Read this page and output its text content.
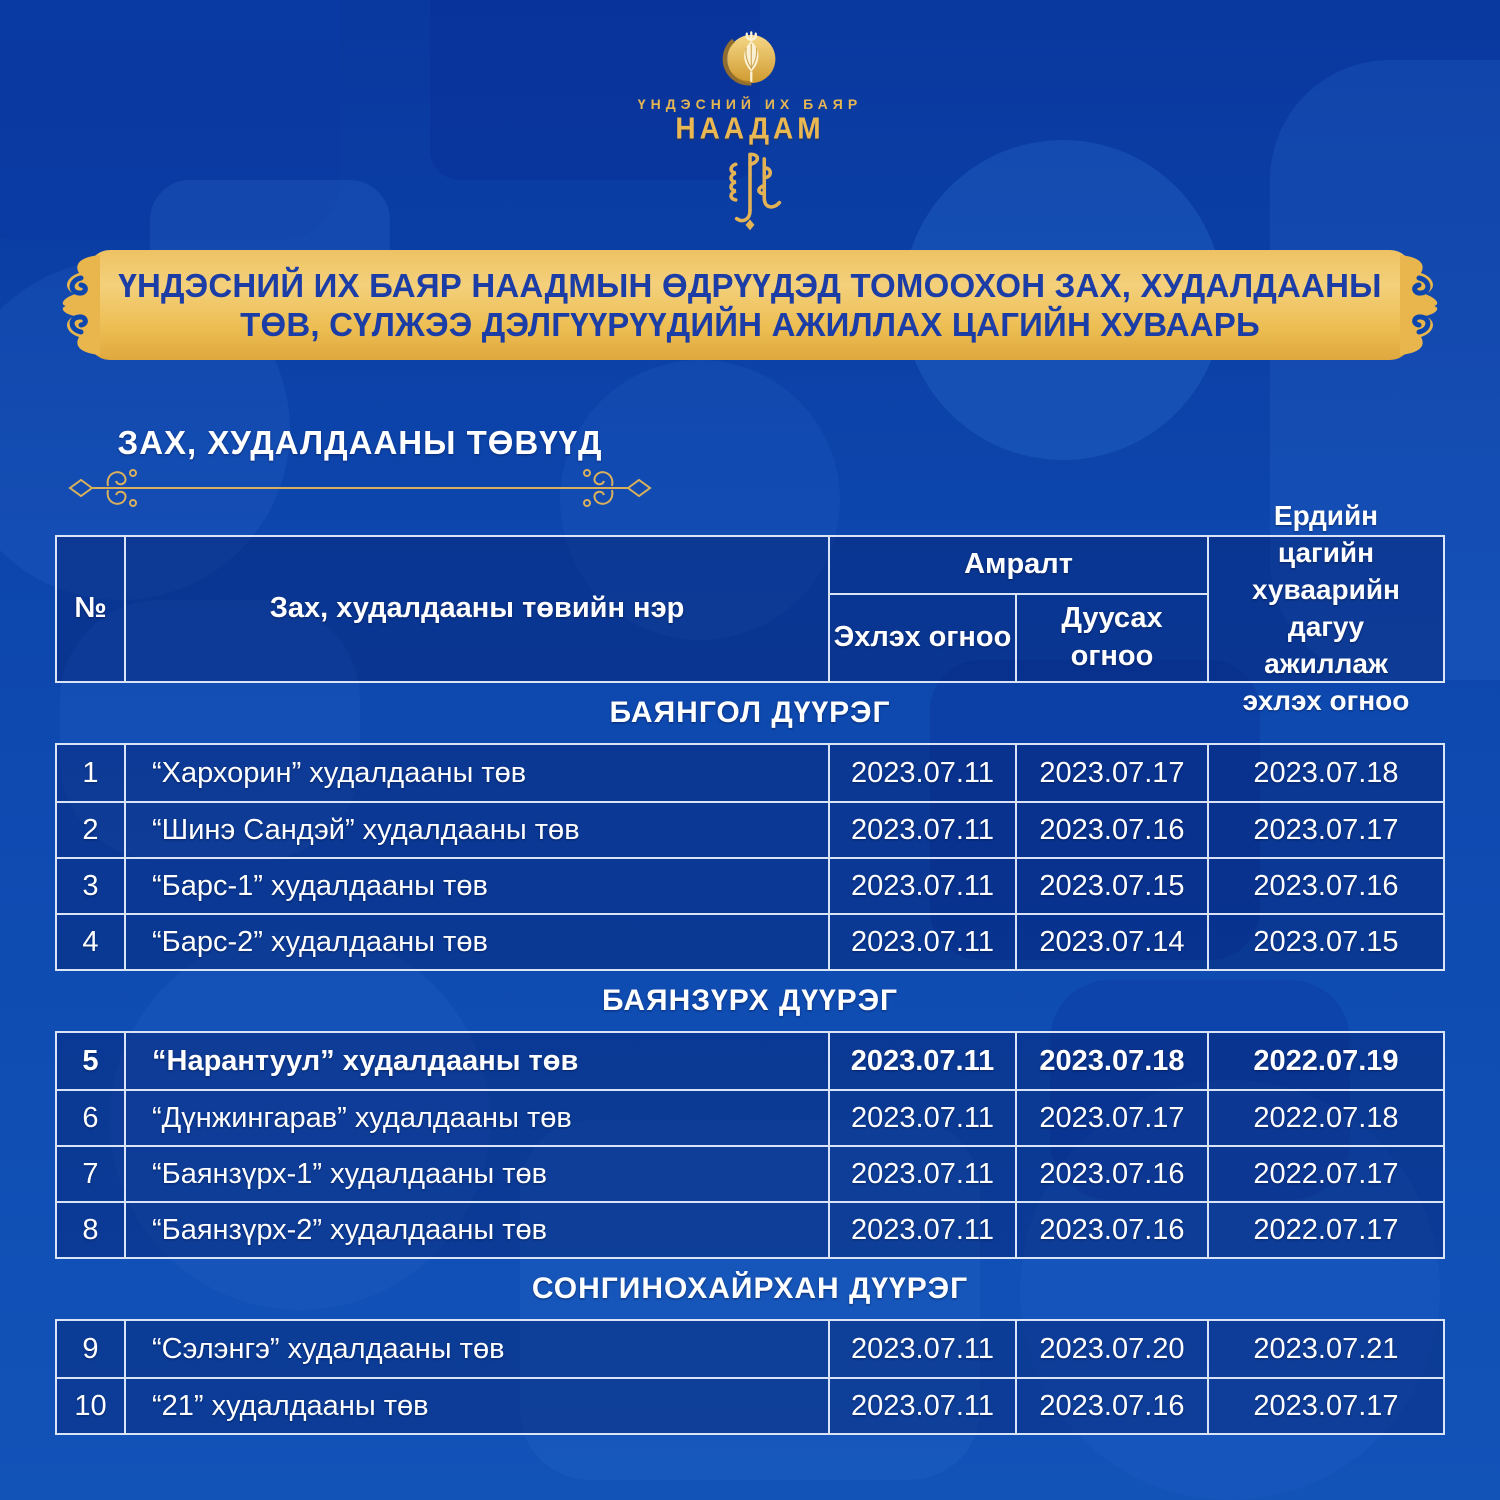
ҮНДЭСНИЙ ИХ БАЯР
НААДАМ
ҮНДЭСНИЙ ИХ БАЯР НААДМЫН ӨДРҮҮДЭД ТОМООХОН ЗАХ, ХУДАЛДААНЫ
ТӨВ, СҮЛЖЭЭ ДЭЛГҮҮРҮҮДИЙН АЖИЛЛАХ ЦАГИЙН ХУВААРЬ
ЗАХ, ХУДАЛДААНЫ ТӨВҮҮД
№	Зах, худалдааны төвийн нэр
Амралт
Ердийн цагийн хуваарийн дагуу ажиллаж эхлэх огноо
Эхлэх огноо
Дуусах огноо
БАЯНГОЛ ДҮҮРЭГ
1	“Хархорин” худалдааны төв	2023.07.11	2023.07.17	2023.07.18
2	“Шинэ Сандэй” худалдааны төв	2023.07.11	2023.07.16	2023.07.17
3	“Барс-1” худалдааны төв	2023.07.11	2023.07.15	2023.07.16
4	“Барс-2” худалдааны төв	2023.07.11	2023.07.14	2023.07.15
БАЯНЗҮРХ ДҮҮРЭГ
5	“Нарантуул” худалдааны төв	2023.07.11	2023.07.18	2022.07.19
6	“Дүнжингарав” худалдааны төв	2023.07.11	2023.07.17	2022.07.18
7	“Баянзүрх-1” худалдааны төв	2023.07.11	2023.07.16	2022.07.17
8	“Баянзүрх-2” худалдааны төв	2023.07.11	2023.07.16	2022.07.17
СОНГИНОХАЙРХАН ДҮҮРЭГ
9	“Сэлэнгэ” худалдааны төв	2023.07.11	2023.07.20	2023.07.21
10	“21” худалдааны төв	2023.07.11	2023.07.16	2023.07.17
